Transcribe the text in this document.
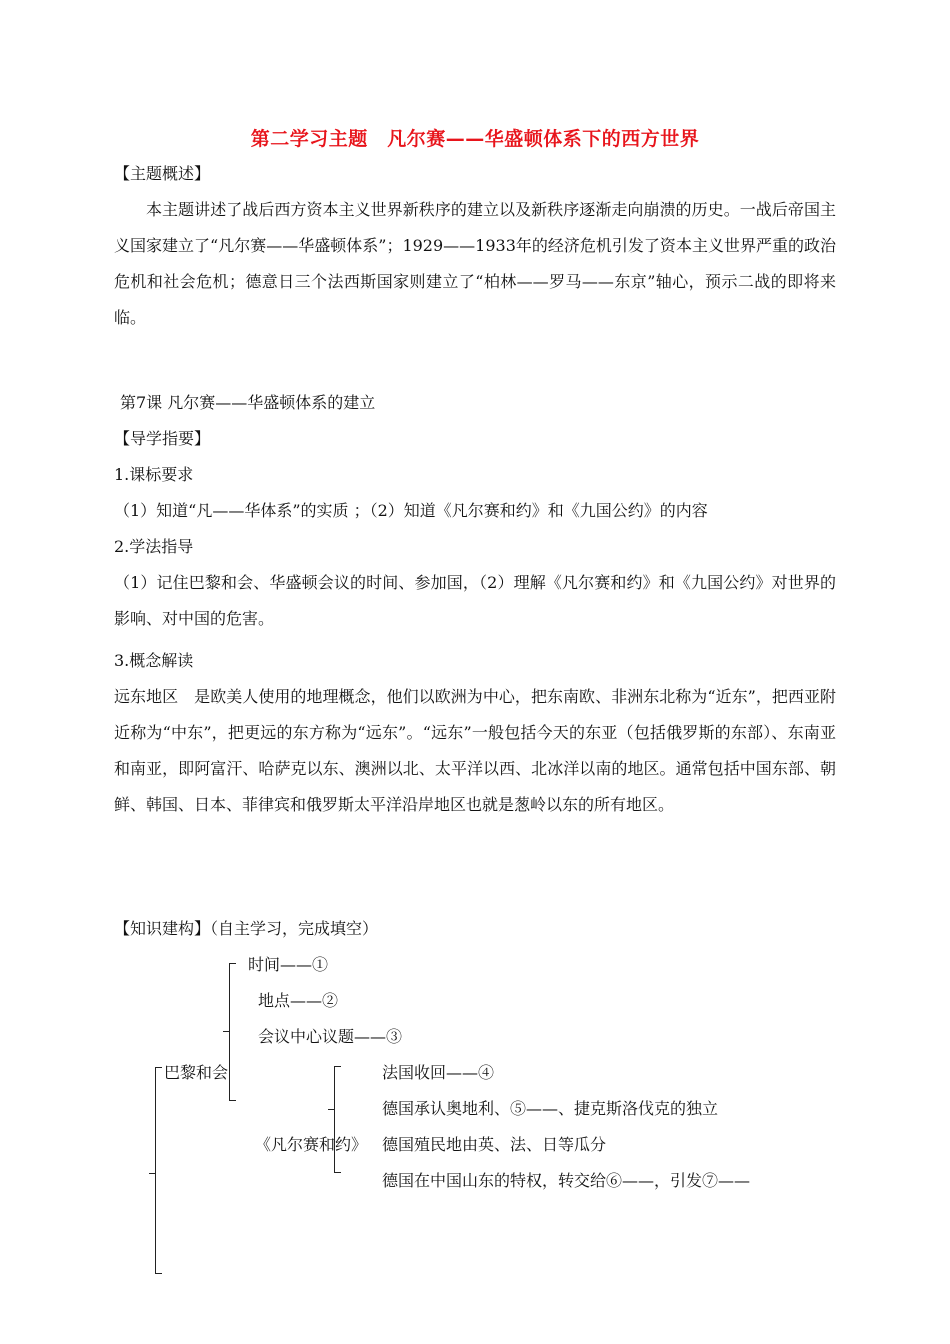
第二学习主题　凡尔赛——华盛顿体系下的西方世界
【主题概述】
本主题讲述了战后西方资本主义世界新秩序的建立以及新秩序逐渐走向崩溃的历史。一战后帝国主义国家建立了“凡尔赛——华盛顿体系”；1929——1933年的经济危机引发了资本主义世界严重的政治危机和社会危机；德意日三个法西斯国家则建立了“柏林——罗马——东京”轴心，预示二战的即将来临。
第7课 凡尔赛——华盛顿体系的建立
【导学指要】
1.课标要求
（1）知道“凡——华体系”的实质 ；（2）知道《凡尔赛和约》和《九国公约》的内容
2.学法指导
（1）记住巴黎和会、华盛顿会议的时间、参加国，（2）理解《凡尔赛和约》和《九国公约》对世界的影响、对中国的危害。
3.概念解读
远东地区　是欧美人使用的地理概念，他们以欧洲为中心，把东南欧、非洲东北称为“近东”，把西亚附近称为“中东”，把更远的东方称为“远东”。“远东”一般包括今天的东亚（包括俄罗斯的东部）、东南亚和南亚，即阿富汗、哈萨克以东、澳洲以北、太平洋以西、北冰洋以南的地区。通常包括中国东部、朝鲜、韩国、日本、菲律宾和俄罗斯太平洋沿岸地区也就是葱岭以东的所有地区。
【知识建构】（自主学习，完成填空）
巴黎和会
时间——①
地点——②
会议中心议题——③
《凡尔赛和约》
法国收回——④
德国承认奥地利、⑤——、捷克斯洛伐克的独立
德国殖民地由英、法、日等瓜分
德国在中国山东的特权，转交给⑥——，引发⑦——
